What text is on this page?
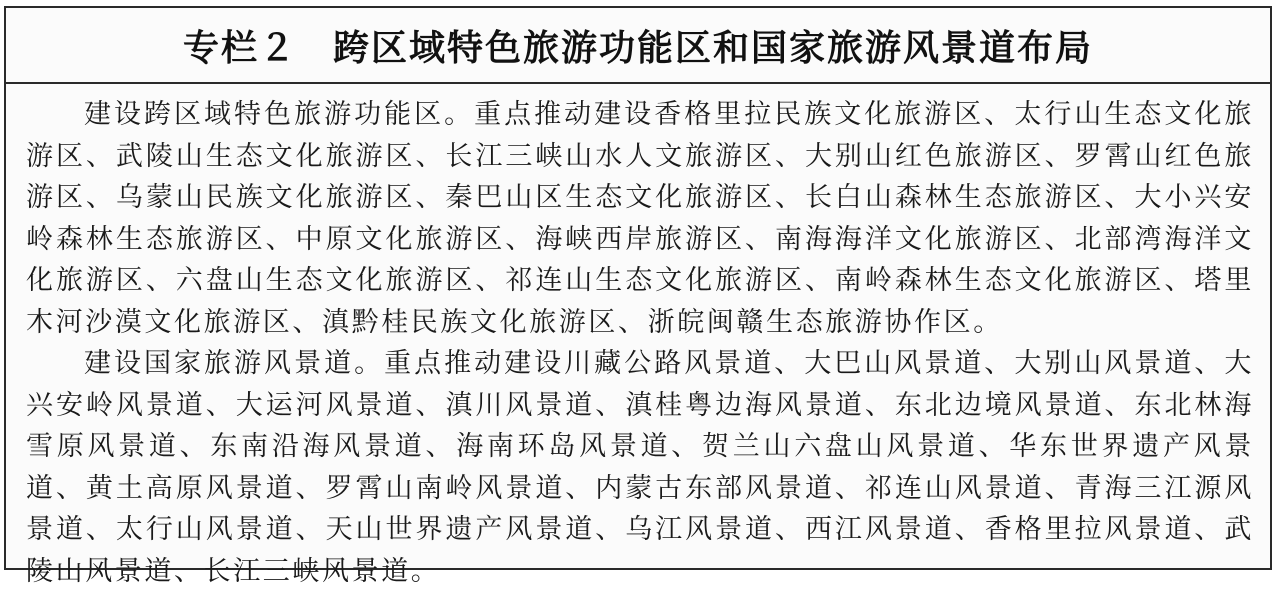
专栏２ 跨区域特色旅游功能区和国家旅游风景道布局

建设跨区域特色旅游功能区。重点推动建设香格里拉民族文化旅游区、太行山生态文化旅游区、武陵山生态文化旅游区、长江三峡山水人文旅游区、大别山红色旅游区、罗霄山红色旅游区、乌蒙山民族文化旅游区、秦巴山区生态文化旅游区、长白山森林生态旅游区、大小兴安岭森林生态旅游区、中原文化旅游区、海峡西岸旅游区、南海海洋文化旅游区、北部湾海洋文化旅游区、六盘山生态文化旅游区、祁连山生态文化旅游区、南岭森林生态文化旅游区、塔里木河沙漠文化旅游区、滇黔桂民族文化旅游区、浙皖闽赣生态旅游协作区。

建设国家旅游风景道。重点推动建设川藏公路风景道、大巴山风景道、大别山风景道、大兴安岭风景道、大运河风景道、滇川风景道、滇桂粤边海风景道、东北边境风景道、东北林海雪原风景道、东南沿海风景道、海南环岛风景道、贺兰山六盘山风景道、华东世界遗产风景道、黄土高原风景道、罗霄山南岭风景道、内蒙古东部风景道、祁连山风景道、青海三江源风景道、太行山风景道、天山世界遗产风景道、乌江风景道、西江风景道、香格里拉风景道、武陵山风景道、长江三峡风景道。
